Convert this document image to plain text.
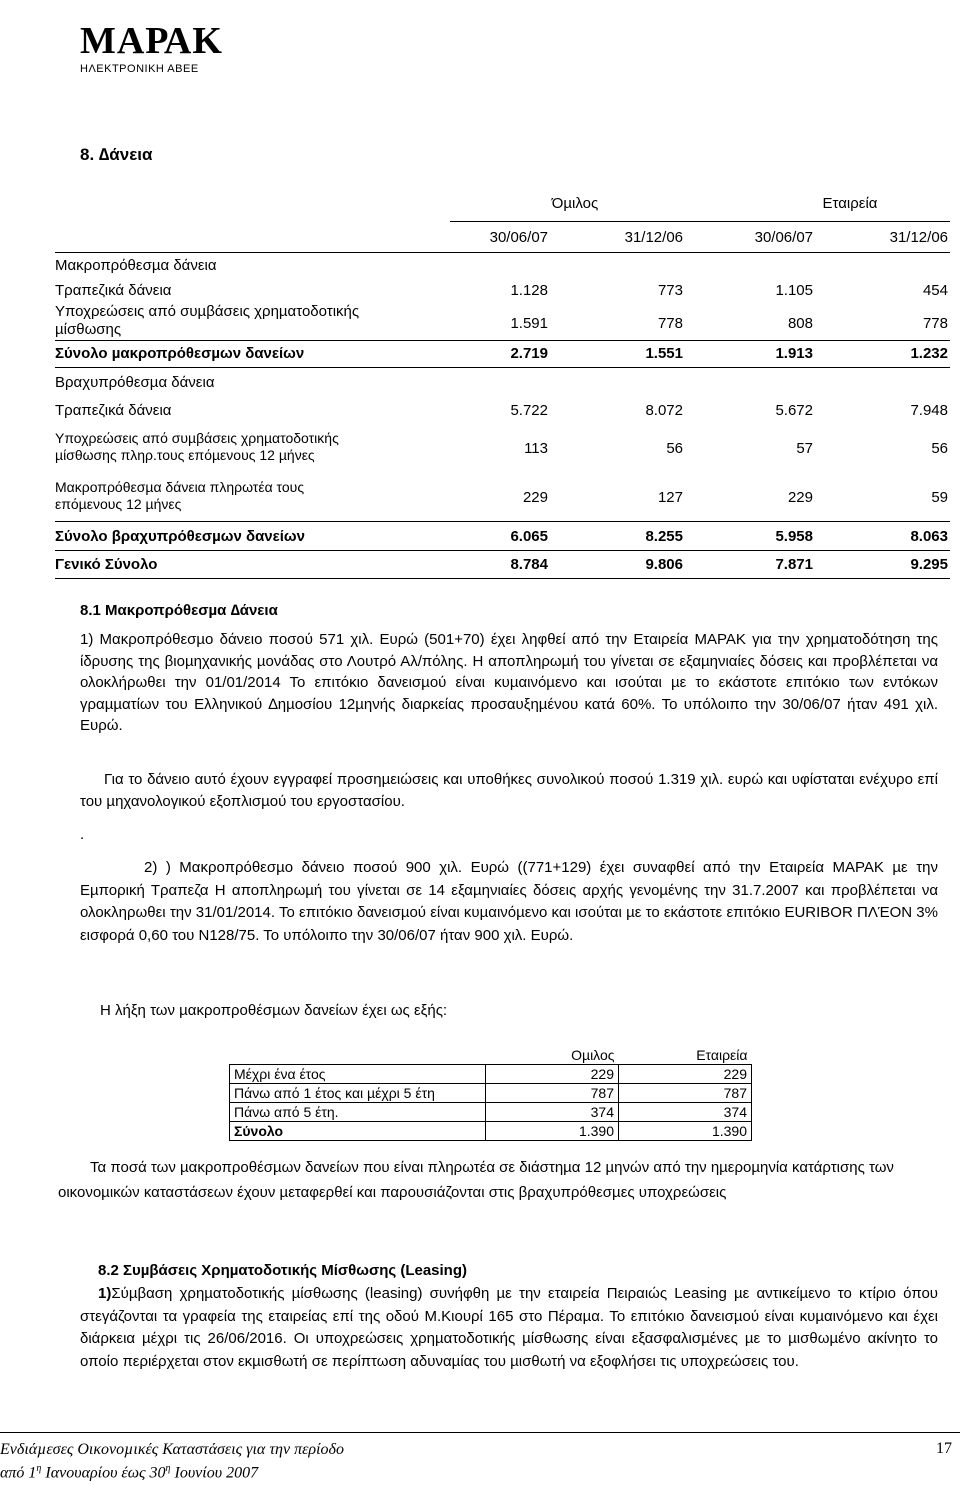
ΜΑΡΑΚ
ΗΛΕΚΤΡΟΝΙΚΗ ΑΒΕΕ
8. ∆άνεια
Όµιλος	Εταιρεία
30/06/07	31/12/06	30/06/07	31/12/06
Μακροπρόθεσµα δάνεια
Τραπεζικά δάνεια	1.128	773	1.105	454
Υποχρεώσεις από συµβάσεις χρηµατοδοτικής
µίσθωσης	1.591	778	808	778
Σύνολο µακροπρόθεσµων δανείων	2.719	1.551	1.913	1.232
Βραχυπρόθεσµα δάνεια
Τραπεζικά δάνεια	5.722	8.072	5.672	7.948
Υποχρεώσεις από συµβάσεις χρηµατοδοτικής
µίσθωσης πληρ.τους επόµενους 12 µήνες	113	56	57	56
Μακροπρόθεσµα δάνεια πληρωτέα τους
επόµενους 12 µήνες	229	127	229	59
Σύνολο βραχυπρόθεσµων δανείων	6.065	8.255	5.958	8.063
Γενικό Σύνολο	8.784	9.806	7.871	9.295
8.1 Μακροπρόθεσµα ∆άνεια
1) Μακροπρόθεσµο δάνειο ποσού 571 χιλ. Ευρώ (501+70) έχει ληφθεί από την Εταιρεία ΜΑΡΑΚ για την χρηµατοδότηση της ίδρυσης της βιοµηχανικής µονάδας στο Λουτρό Αλ/πόλης. Η αποπληρωµή του γίνεται σε εξαµηνιαίες δόσεις και προβλέπεται να ολοκλήρωθει την 01/01/2014 Το επιτόκιο δανεισµού είναι κυµαινόµενο και ισούται µε το εκάστοτε επιτόκιο των εντόκων γραµµατίων του Ελληνικού ∆ηµοσίου 12µηνής διαρκείας προσαυξηµένου κατά 60%. Το υπόλοιπο την 30/06/07 ήταν 491 χιλ. Ευρώ.
Για το δάνειο αυτό έχουν εγγραφεί προσηµειώσεις και υποθήκες συνολικού ποσού 1.319 χιλ. ευρώ και υφίσταται ενέχυρο επί του µηχανολογικού εξοπλισµού του εργοστασίου.
.
2) ) Μακροπρόθεσµο δάνειο ποσού 900 χιλ. Ευρώ ((771+129) έχει συναφθεί από την Εταιρεία ΜΑΡΑΚ µε την Εµπορική Τραπεζα Η αποπληρωµή του γίνεται σε 14 εξαµηνιαίες δόσεις αρχής γενοµένης την 31.7.2007 και προβλέπεται να ολοκληρωθει την 31/01/2014. Το επιτόκιο δανεισµού είναι κυµαινόµενο και ισούται µε το εκάστοτε επιτόκιο EURIBOR ΠΛΈΟΝ 3% εισφορά 0,60 του Ν128/75. Το υπόλοιπο την 30/06/07 ήταν 900 χιλ. Ευρώ.
Η λήξη των µακροπροθέσµων δανείων έχει ως εξής:
	Οµιλος	Εταιρεία
Μέχρι ένα έτος	229	229
Πάνω από 1 έτος και µέχρι 5 έτη	787	787
Πάνω από 5 έτη.	374	374
Σύνολο	1.390	1.390
Τα ποσά των µακροπροθέσµων δανείων που είναι πληρωτέα σε διάστηµα 12 µηνών από την ηµεροµηνία κατάρτισης των οικονοµικών καταστάσεων έχουν µεταφερθεί και παρουσιάζονται στις βραχυπρόθεσµες υποχρεώσεις
8.2 Συµβάσεις Χρηµατοδοτικής Μίσθωσης (Leasing)
1)Σύµβαση χρηµατοδοτικής µίσθωσης (leasing) συνήφθη µε την εταιρεία Πειραιώς Leasing µε αντικείµενο το κτίριο όπου στεγάζονται τα γραφεία της εταιρείας επί της οδού Μ.Κιουρί 165 στο Πέραµα. Το επιτόκιο δανεισµού είναι κυµαινόµενο και έχει διάρκεια µέχρι τις 26/06/2016. Οι υποχρεώσεις χρηµατοδοτικής µίσθωσης είναι εξασφαλισµένες µε το µισθωµένο ακίνητο το οποίο περιέρχεται στον εκµισθωτή σε περίπτωση αδυναµίας του µισθωτή να εξοφλήσει τις υποχρεώσεις του.
Ενδιάµεσες Οικονοµικές Καταστάσεις για την περίοδο
από $1^\eta$ Ιανουαρίου έως $30^\eta$ Ιουνίου 2007
17
